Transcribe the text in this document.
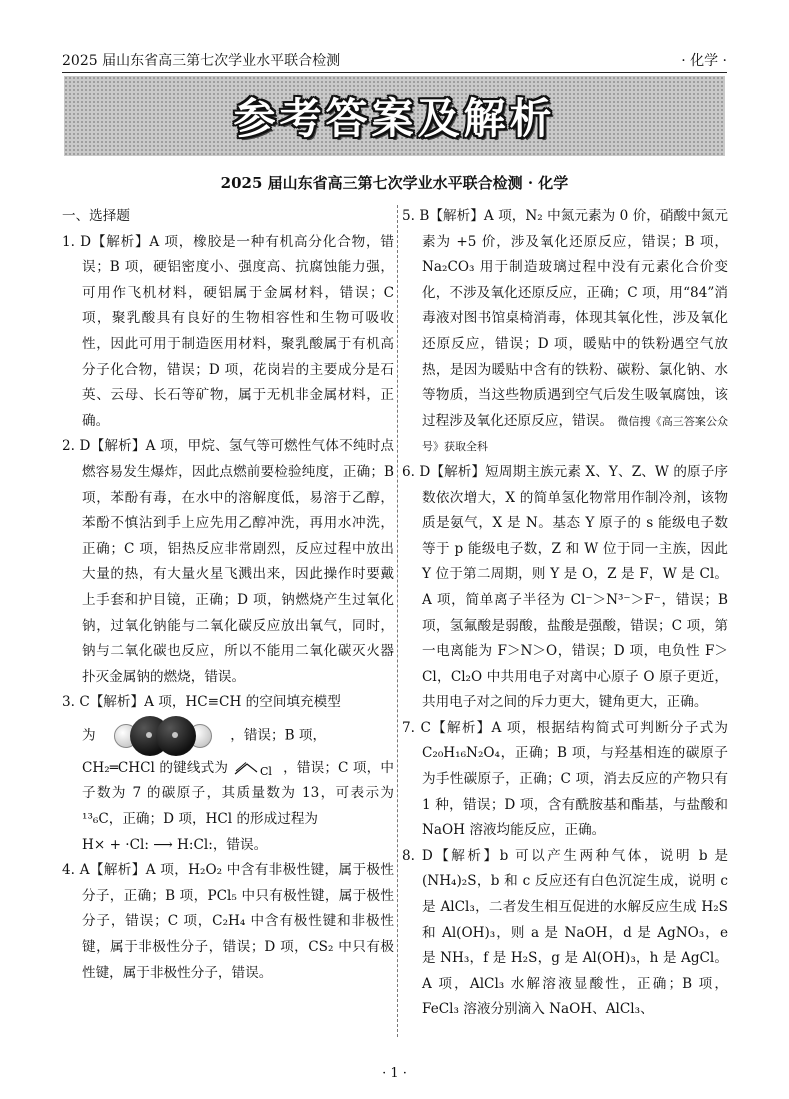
2025 届山东省高三第七次学业水平联合检测	· 化学 ·
参考答案及解析
2025 届山东省高三第七次学业水平联合检测 · 化学

一、选择题

1. D【解析】A 项，橡胶是一种有机高分化合物，错误；B 项，硬铝密度小、强度高、抗腐蚀能力强，可用作飞机材料，硬铝属于金属材料，错误；C 项，聚乳酸具有良好的生物相容性和生物可吸收性，因此可用于制造医用材料，聚乳酸属于有机高分子化合物，错误；D 项，花岗岩的主要成分是石英、云母、长石等矿物，属于无机非金属材料，正确。

2. D【解析】A 项，甲烷、氢气等可燃性气体不纯时点燃容易发生爆炸，因此点燃前要检验纯度，正确；B 项，苯酚有毒，在水中的溶解度低，易溶于乙醇，苯酚不慎沾到手上应先用乙醇冲洗，再用水冲洗，正确；C 项，铝热反应非常剧烈，反应过程中放出大量的热，有大量火星飞溅出来，因此操作时要戴上手套和护目镜，正确；D 项，钠燃烧产生过氧化钠，过氧化钠能与二氧化碳反应放出氧气，同时，钠与二氧化碳也反应，所以不能用二氧化碳灭火器扑灭金属钠的燃烧，错误。

3. C【解析】A 项，HC≡CH 的空间填充模型
为	，错误；B 项，
CH₂═CHCl 的键线式为	Cl ，错误；C 项，中子数为 7 的碳原子，其质量数为 13，可表示为 ¹³₆C，正确；D 项，HCl 的形成过程为
H× + ·Cl: ⟶ H:Cl:，错误。

4. A【解析】A 项，H₂O₂ 中含有非极性键，属于极性分子，正确；B 项，PCl₅ 中只有极性键，属于极性分子，错误；C 项，C₂H₄ 中含有极性键和非极性键，属于非极性分子，错误；D 项，CS₂ 中只有极性键，属于非极性分子，错误。

5. B【解析】A 项，N₂ 中氮元素为 0 价，硝酸中氮元素为 +5 价，涉及氧化还原反应，错误；B 项，Na₂CO₃ 用于制造玻璃过程中没有元素化合价变化，不涉及氧化还原反应，正确；C 项，用“84”消毒液对图书馆桌椅消毒，体现其氧化性，涉及氧化还原反应，错误；D 项，暖贴中的铁粉遇空气放热，是因为暖贴中含有的铁粉、碳粉、氯化钠、水等物质，当这些物质遇到空气后发生吸氧腐蚀，该过程涉及氧化还原反应，错误。 微信搜《高三答案公众号》获取全科

6. D【解析】短周期主族元素 X、Y、Z、W 的原子序数依次增大，X 的简单氢化物常用作制冷剂，该物质是氨气，X 是 N。基态 Y 原子的 s 能级电子数等于 p 能级电子数，Z 和 W 位于同一主族，因此 Y 位于第二周期，则 Y 是 O，Z 是 F，W 是 Cl。A 项，简单离子半径为 Cl⁻＞N³⁻＞F⁻，错误；B 项，氢氟酸是弱酸，盐酸是强酸，错误；C 项，第一电离能为 F＞N＞O，错误；D 项，电负性 F＞Cl，Cl₂O 中共用电子对离中心原子 O 原子更近，共用电子对之间的斥力更大，键角更大，正确。

7. C【解析】A 项，根据结构简式可判断分子式为 C₂₀H₁₆N₂O₄，正确；B 项，与羟基相连的碳原子为手性碳原子，正确；C 项，消去反应的产物只有 1 种，错误；D 项，含有酰胺基和酯基，与盐酸和 NaOH 溶液均能反应，正确。

8. D【解析】b 可以产生两种气体，说明 b 是 (NH₄)₂S，b 和 c 反应还有白色沉淀生成，说明 c 是 AlCl₃，二者发生相互促进的水解反应生成 H₂S 和 Al(OH)₃，则 a 是 NaOH，d 是 AgNO₃，e 是 NH₃，f 是 H₂S，g 是 Al(OH)₃，h 是 AgCl。A 项，AlCl₃ 水解溶液显酸性，正确；B 项，FeCl₃ 溶液分别滴入 NaOH、AlCl₃、

· 1 ·
